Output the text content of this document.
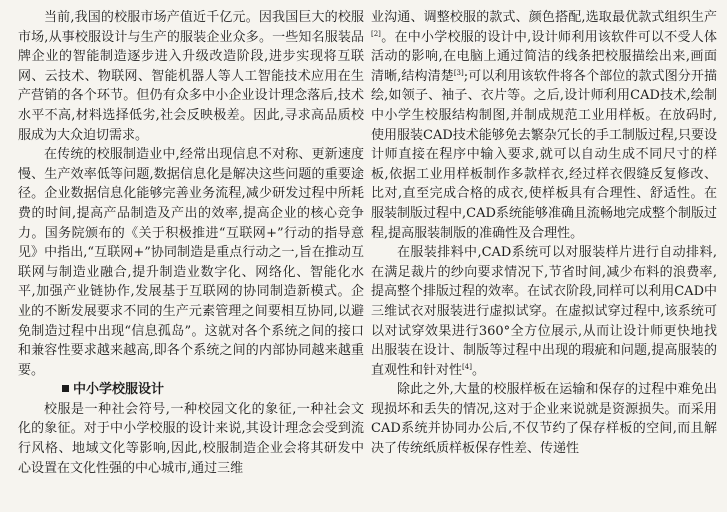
当前,我国的校服市场产值近千亿元。因我国巨大的校服市场,从事校服设计与生产的服装企业众多。一些知名服装品牌企业的智能制造逐步进入升级改造阶段,进步实现将互联网、云技术、物联网、智能机器人等人工智能技术应用在生产营销的各个环节。但仍有众多中小企业设计理念落后,技术水平不高,材料选择低劣,社会反映极差。因此,寻求高品质校服成为大众迫切需求。

在传统的校服制造业中,经常出现信息不对称、更新速度慢、生产效率低等问题,数据信息化是解决这些问题的重要途径。企业数据信息化能够完善业务流程,减少研发过程中所耗费的时间,提高产品制造及产出的效率,提高企业的核心竞争力。国务院颁布的《关于积极推进“互联网+”行动的指导意见》中指出,“互联网+”协同制造是重点行动之一,旨在推动互联网与制造业融合,提升制造业数字化、网络化、智能化水平,加强产业链协作,发展基于互联网的协同制造新模式。企业的不断发展要求不同的生产元素管理之间要相互协同,以避免制造过程中出现“信息孤岛”。这就对各个系统之间的接口和兼容性要求越来越高,即各个系统之间的内部协同越来越重要。

中小学校服设计

校服是一种社会符号,一种校园文化的象征,一种社会文化的象征。对于中小学校服的设计来说,其设计理念会受到流行风格、地域文化等影响,因此,校服制造企业会将其研发中心设置在文化性强的中心城市,通过三维

业沟通、调整校服的款式、颜色搭配,选取最优款式组织生产[2]。在中小学校服的设计中,设计师利用该软件可以不受人体活动的影响,在电脑上通过简洁的线条把校服描绘出来,画面清晰,结构清楚[3];可以利用该软件将各个部位的款式图分开描绘,如领子、袖子、衣片等。之后,设计师利用CAD技术,绘制中小学生校服结构制图,并制成规范工业用样板。在放码时,使用服装CAD技术能够免去繁杂冗长的手工制版过程,只要设计师直接在程序中输入要求,就可以自动生成不同尺寸的样板,依据工业用样板制作多款样衣,经过样衣假缝反复修改、比对,直至完成合格的成衣,使样板具有合理性、舒适性。在服装制版过程中,CAD系统能够准确且流畅地完成整个制版过程,提高服装制版的准确性及合理性。

在服装排料中,CAD系统可以对服装样片进行自动排料,在满足裁片的纱向要求情况下,节省时间,减少布料的浪费率,提高整个排版过程的效率。在试衣阶段,同样可以利用CAD中三维试衣对服装进行虚拟试穿。在虚拟试穿过程中,该系统可以对试穿效果进行360°全方位展示,从而让设计师更快地找出服装在设计、制版等过程中出现的瑕疵和问题,提高服装的直观性和针对性[4]。

除此之外,大量的校服样板在运输和保存的过程中难免出现损坏和丢失的情况,这对于企业来说就是资源损失。而采用CAD系统并协同办公后,不仅节约了保存样板的空间,而且解决了传统纸质样板保存性差、传递性
